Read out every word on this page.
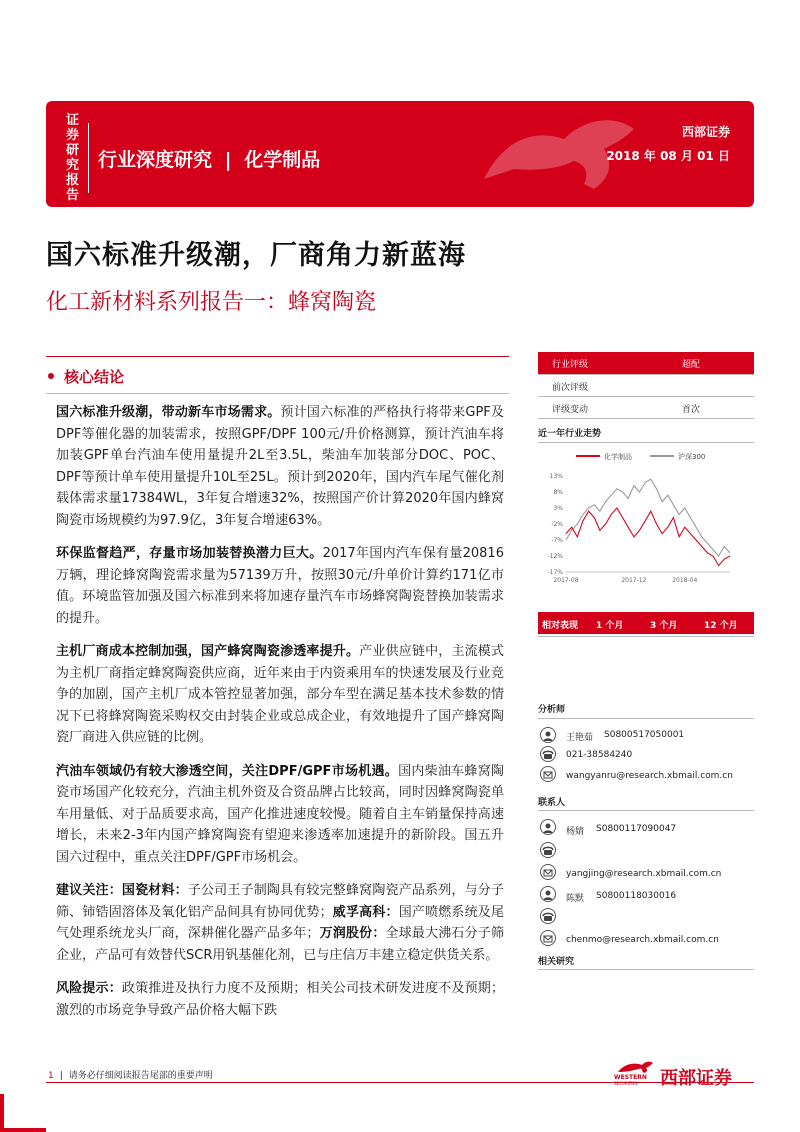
证券研究报告
行业深度研究 | 化学制品
西部证券
2018 年 08 月 01 日
国六标准升级潮，厂商角力新蓝海
化工新材料系列报告一：蜂窝陶瓷
核心结论

国六标准升级潮，带动新车市场需求。预计国六标准的严格执行将带来GPF及DPF等催化器的加装需求，按照GPF/DPF 100元/升价格测算，预计汽油车将加装GPF单台汽油车使用量提升2L至3.5L，柴油车加装部分DOC、POC、DPF等预计单车使用量提升10L至25L。预计到2020年，国内汽车尾气催化剂载体需求量17384WL，3年复合增速32%，按照国产价计算2020年国内蜂窝陶瓷市场规模约为97.9亿，3年复合增速63%。

环保监督趋严，存量市场加装替换潜力巨大。2017年国内汽车保有量20816万辆，理论蜂窝陶瓷需求量为57139万升，按照30元/升单价计算约171亿市值。环境监管加强及国六标准到来将加速存量汽车市场蜂窝陶瓷替换加装需求的提升。

主机厂商成本控制加强，国产蜂窝陶瓷渗透率提升。产业供应链中，主流模式为主机厂商指定蜂窝陶瓷供应商，近年来由于内资乘用车的快速发展及行业竞争的加剧，国产主机厂成本管控显著加强，部分车型在满足基本技术参数的情况下已将蜂窝陶瓷采购权交由封装企业或总成企业，有效地提升了国产蜂窝陶瓷厂商进入供应链的比例。

汽油车领域仍有较大渗透空间，关注DPF/GPF市场机遇。国内柴油车蜂窝陶瓷市场国产化较充分，汽油主机外资及合资品牌占比较高，同时因蜂窝陶瓷单车用量低、对于品质要求高，国产化推进速度较慢。随着自主车销量保持高速增长，未来2-3年内国产蜂窝陶瓷有望迎来渗透率加速提升的新阶段。国五升国六过程中，重点关注DPF/GPF市场机会。

建议关注：国瓷材料：子公司王子制陶具有较完整蜂窝陶瓷产品系列，与分子筛、铈锆固溶体及氧化铝产品间具有协同优势；威孚高科：国产喷燃系统及尾气处理系统龙头厂商，深耕催化器产品多年；万润股份：全球最大沸石分子筛企业，产品可有效替代SCR用钒基催化剂，已与庄信万丰建立稳定供货关系。

风险提示：政策推进及执行力度不及预期；相关公司技术研发进度不及预期；激烈的市场竞争导致产品价格大幅下跌

行业评级	超配
前次评级
评级变动	首次
近一年行业走势
化学制品	沪深300
13%
8%
3%
-2%
-7%
-12%
-17%
2017-08	2017-12	2018-04
相对表现 1 个月	3 个月	12 个月
分析师
王艳茹 S0800517050001
021-38584240
wangyanru@research.xbmail.com.cn
联系人
杨婧 S0800117090047
yangjing@research.xbmail.com.cn
陈默 S0800118030016
chenmo@research.xbmail.com.cn
相关研究
1 | 请务必仔细阅读报告尾部的重要声明	WESTERN
SECURITIES 西部证券
